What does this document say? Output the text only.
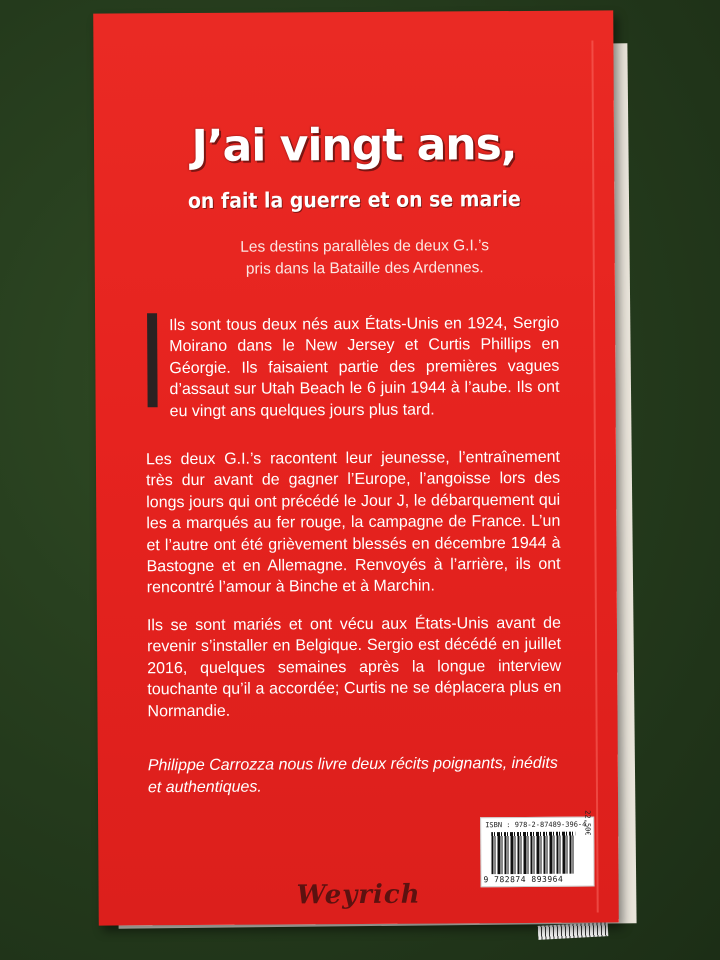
J’ai vingt ans,
on fait la guerre et on se marie
Les destins parallèles de deux G.I.’s
pris dans la Bataille des Ardennes.
Ils sont tous deux nés aux États-Unis en 1924, Sergio Moirano dans le New Jersey et Curtis Phillips en Géorgie. Ils faisaient partie des premières vagues d’assaut sur Utah Beach le 6 juin 1944 à l’aube. Ils ont eu vingt ans quelques jours plus tard.
Les deux G.I.’s racontent leur jeunesse, l’entraînement très dur avant de gagner l’Europe, l’angoisse lors des longs jours qui ont précédé le Jour J, le débarquement qui les a marqués au fer rouge, la campagne de France. L’un et l’autre ont été grièvement blessés en décembre 1944 à Bastogne et en Allemagne. Renvoyés à l’arrière, ils ont rencontré l’amour à Binche et à Marchin.
Ils se sont mariés et ont vécu aux États-Unis avant de revenir s’installer en Belgique. Sergio est décédé en juillet 2016, quelques semaines après la longue interview touchante qu’il a accordée; Curtis ne se déplacera plus en Normandie.
Philippe Carrozza nous livre deux récits poignants, inédits et authentiques.
ISBN : 978-2-87489-396-4
9 782874 893964
22,50€
Weyrich
